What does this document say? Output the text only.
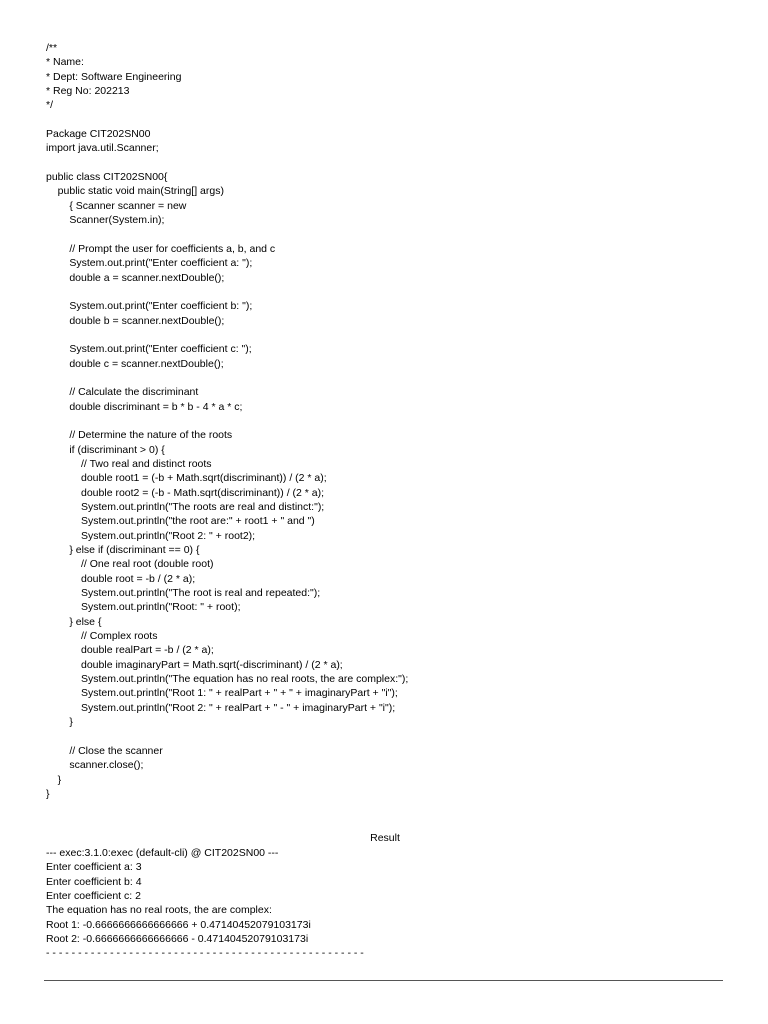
/**
* Name:
* Dept: Software Engineering
* Reg No: 202213
*/
Package CIT202SN00
import java.util.Scanner;
public class CIT202SN00{
public static void main(String[] args)
{ Scanner scanner = new
Scanner(System.in);
// Prompt the user for coefficients a, b, and c
System.out.print("Enter coefficient a: ");
double a = scanner.nextDouble();
System.out.print("Enter coefficient b: ");
double b = scanner.nextDouble();
System.out.print("Enter coefficient c: ");
double c = scanner.nextDouble();
// Calculate the discriminant
double discriminant = b * b - 4 * a * c;
// Determine the nature of the roots
if (discriminant > 0) {
// Two real and distinct roots
double root1 = (-b + Math.sqrt(discriminant)) / (2 * a);
double root2 = (-b - Math.sqrt(discriminant)) / (2 * a);
System.out.println("The roots are real and distinct:");
System.out.println("the root are:" + root1 + " and ")
System.out.println("Root 2: " + root2);
} else if (discriminant == 0) {
// One real root (double root)
double root = -b / (2 * a);
System.out.println("The root is real and repeated:");
System.out.println("Root: " + root);
} else {
// Complex roots
double realPart = -b / (2 * a);
double imaginaryPart = Math.sqrt(-discriminant) / (2 * a);
System.out.println("The equation has no real roots, the are complex:");
System.out.println("Root 1: " + realPart + " + " + imaginaryPart + "i");
System.out.println("Root 2: " + realPart + " - " + imaginaryPart + "i");
}
// Close the scanner
scanner.close();
}
}
Result
--- exec:3.1.0:exec (default-cli) @ CIT202SN00 ---
Enter coefficient a: 3
Enter coefficient b: 4
Enter coefficient c: 2
The equation has no real roots, the are complex:
Root 1: -0.6666666666666666 + 0.47140452079103173i
Root 2: -0.6666666666666666 - 0.47140452079103173i
- - - - - - - - - - - - - - - - - - - - - - - - - - - - - - - - - - - - - - - - - - - - - - - - - -
